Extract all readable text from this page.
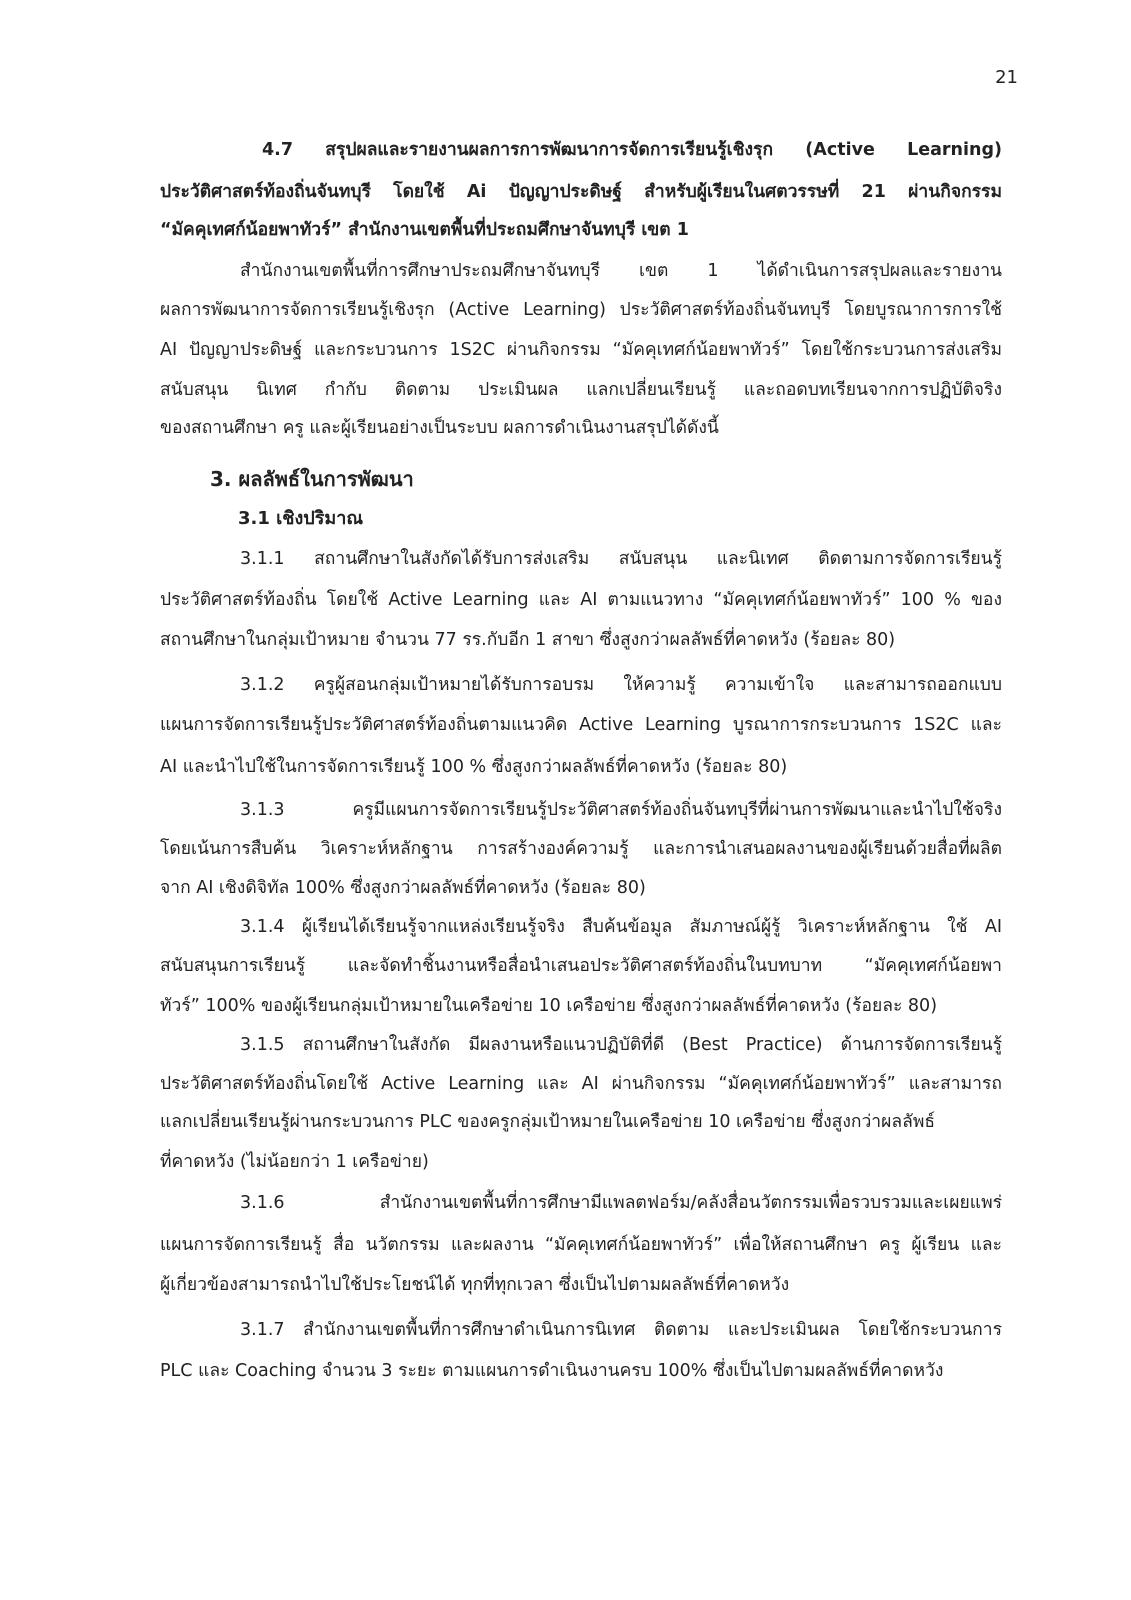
21
4.7 สรุปผลและรายงานผลการการพัฒนาการจัดการเรียนรู้เชิงรุก (Active Learning)
ประวัติศาสตร์ท้องถิ่นจันทบุรี โดยใช้ Ai ปัญญาประดิษฐ์ สำหรับผู้เรียนในศตวรรษที่ 21 ผ่านกิจกรรม
“มัคคุเทศก์น้อยพาทัวร์” สำนักงานเขตพื้นที่ประถมศึกษาจันทบุรี เขต 1
สำนักงานเขตพื้นที่การศึกษาประถมศึกษาจันทบุรี เขต 1 ได้ดำเนินการสรุปผลและรายงาน
ผลการพัฒนาการจัดการเรียนรู้เชิงรุก (Active Learning) ประวัติศาสตร์ท้องถิ่นจันทบุรี โดยบูรณาการการใช้
AI ปัญญาประดิษฐ์ และกระบวนการ 1S2C ผ่านกิจกรรม “มัคคุเทศก์น้อยพาทัวร์” โดยใช้กระบวนการส่งเสริม
สนับสนุน นิเทศ กำกับ ติดตาม ประเมินผล แลกเปลี่ยนเรียนรู้ และถอดบทเรียนจากการปฏิบัติจริง
ของสถานศึกษา ครู และผู้เรียนอย่างเป็นระบบ ผลการดำเนินงานสรุปได้ดังนี้
3. ผลลัพธ์ในการพัฒนา
3.1 เชิงปริมาณ
3.1.1 สถานศึกษาในสังกัดได้รับการส่งเสริม สนับสนุน และนิเทศ ติดตามการจัดการเรียนรู้
ประวัติศาสตร์ท้องถิ่น โดยใช้ Active Learning และ AI ตามแนวทาง “มัคคุเทศก์น้อยพาทัวร์” 100 % ของ
สถานศึกษาในกลุ่มเป้าหมาย จำนวน 77 รร.กับอีก 1 สาขา ซึ่งสูงกว่าผลลัพธ์ที่คาดหวัง (ร้อยละ 80)
3.1.2 ครูผู้สอนกลุ่มเป้าหมายได้รับการอบรม ให้ความรู้ ความเข้าใจ และสามารถออกแบบ
แผนการจัดการเรียนรู้ประวัติศาสตร์ท้องถิ่นตามแนวคิด Active Learning บูรณาการกระบวนการ 1S2C และ
AI และนำไปใช้ในการจัดการเรียนรู้ 100 % ซึ่งสูงกว่าผลลัพธ์ที่คาดหวัง (ร้อยละ 80)
3.1.3 ครูมีแผนการจัดการเรียนรู้ประวัติศาสตร์ท้องถิ่นจันทบุรีที่ผ่านการพัฒนาและนำไปใช้จริง
โดยเน้นการสืบค้น วิเคราะห์หลักฐาน การสร้างองค์ความรู้ และการนำเสนอผลงานของผู้เรียนด้วยสื่อที่ผลิต
จาก AI เชิงดิจิทัล 100% ซึ่งสูงกว่าผลลัพธ์ที่คาดหวัง (ร้อยละ 80)
3.1.4 ผู้เรียนได้เรียนรู้จากแหล่งเรียนรู้จริง สืบค้นข้อมูล สัมภาษณ์ผู้รู้ วิเคราะห์หลักฐาน ใช้ AI
สนับสนุนการเรียนรู้ และจัดทำชิ้นงานหรือสื่อนำเสนอประวัติศาสตร์ท้องถิ่นในบทบาท “มัคคุเทศก์น้อยพา
ทัวร์” 100% ของผู้เรียนกลุ่มเป้าหมายในเครือข่าย 10 เครือข่าย ซึ่งสูงกว่าผลลัพธ์ที่คาดหวัง (ร้อยละ 80)
3.1.5 สถานศึกษาในสังกัด มีผลงานหรือแนวปฏิบัติที่ดี (Best Practice) ด้านการจัดการเรียนรู้
ประวัติศาสตร์ท้องถิ่นโดยใช้ Active Learning และ AI ผ่านกิจกรรม “มัคคุเทศก์น้อยพาทัวร์” และสามารถ
แลกเปลี่ยนเรียนรู้ผ่านกระบวนการ PLC ของครูกลุ่มเป้าหมายในเครือข่าย 10 เครือข่าย ซึ่งสูงกว่าผลลัพธ์
ที่คาดหวัง (ไม่น้อยกว่า 1 เครือข่าย)
3.1.6 สำนักงานเขตพื้นที่การศึกษามีแพลตฟอร์ม/คลังสื่อนวัตกรรมเพื่อรวบรวมและเผยแพร่
แผนการจัดการเรียนรู้ สื่อ นวัตกรรม และผลงาน “มัคคุเทศก์น้อยพาทัวร์” เพื่อให้สถานศึกษา ครู ผู้เรียน และ
ผู้เกี่ยวข้องสามารถนำไปใช้ประโยชน์ได้ ทุกที่ทุกเวลา ซึ่งเป็นไปตามผลลัพธ์ที่คาดหวัง
3.1.7 สำนักงานเขตพื้นที่การศึกษาดำเนินการนิเทศ ติดตาม และประเมินผล โดยใช้กระบวนการ
PLC และ Coaching จำนวน 3 ระยะ ตามแผนการดำเนินงานครบ 100% ซึ่งเป็นไปตามผลลัพธ์ที่คาดหวัง
